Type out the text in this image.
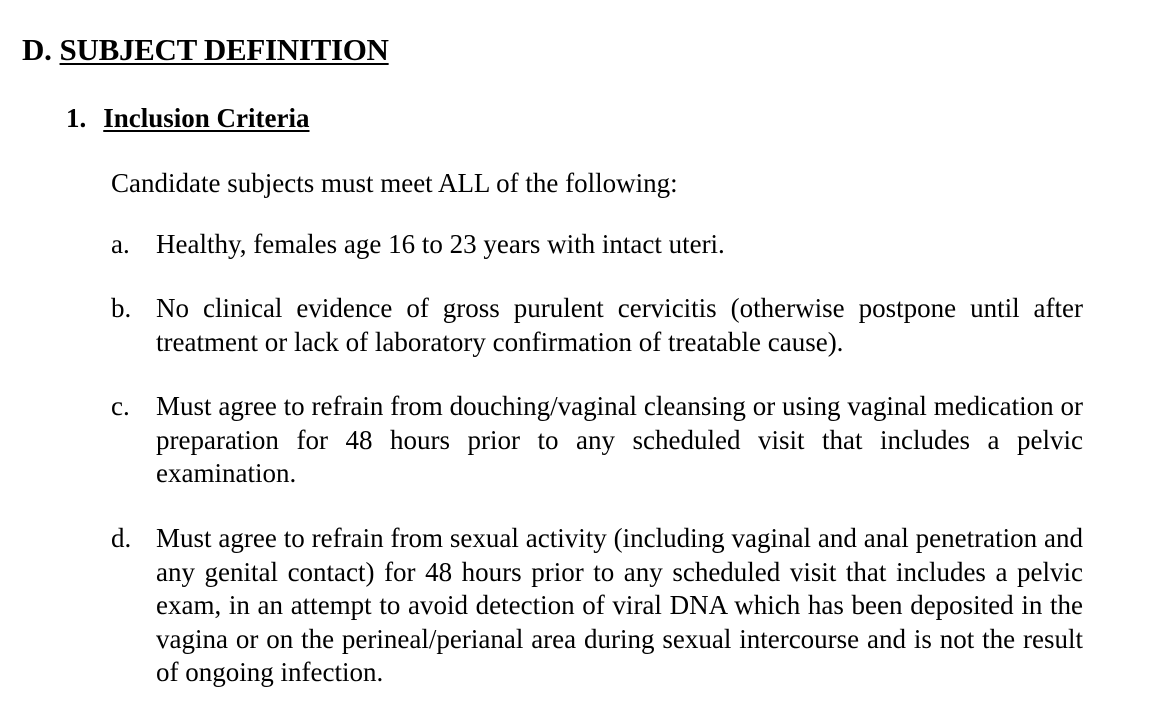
D. SUBJECT DEFINITION
1. Inclusion Criteria
Candidate subjects must meet ALL of the following:
a. Healthy, females age 16 to 23 years with intact uteri.
b. No clinical evidence of gross purulent cervicitis (otherwise postpone until after treatment or lack of laboratory confirmation of treatable cause).
c. Must agree to refrain from douching/vaginal cleansing or using vaginal medication or preparation for 48 hours prior to any scheduled visit that includes a pelvic examination.
d. Must agree to refrain from sexual activity (including vaginal and anal penetration and any genital contact) for 48 hours prior to any scheduled visit that includes a pelvic exam, in an attempt to avoid detection of viral DNA which has been deposited in the vagina or on the perineal/perianal area during sexual intercourse and is not the result of ongoing infection.
